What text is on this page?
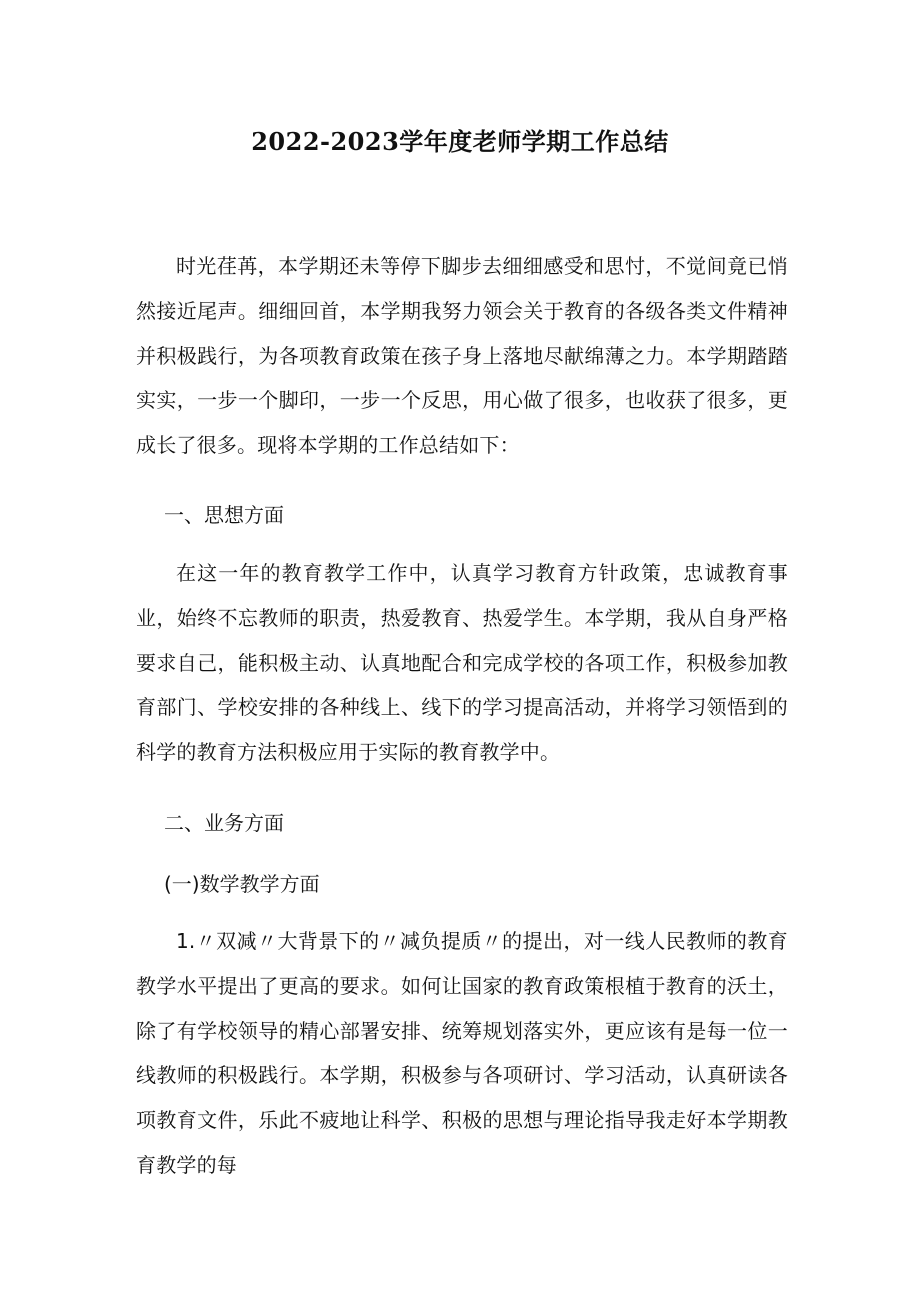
2022-2023学年度老师学期工作总结
时光荏苒，本学期还未等停下脚步去细细感受和思忖，不觉间竟已悄然接近尾声。细细回首，本学期我努力领会关于教育的各级各类文件精神并积极践行，为各项教育政策在孩子身上落地尽献绵薄之力。本学期踏踏实实，一步一个脚印，一步一个反思，用心做了很多，也收获了很多，更成长了很多。现将本学期的工作总结如下：
一、思想方面
在这一年的教育教学工作中，认真学习教育方针政策，忠诚教育事业，始终不忘教师的职责，热爱教育、热爱学生。本学期，我从自身严格要求自己，能积极主动、认真地配合和完成学校的各项工作，积极参加教育部门、学校安排的各种线上、线下的学习提高活动，并将学习领悟到的科学的教育方法积极应用于实际的教育教学中。
二、业务方面
(一)数学教学方面
1.〃双减〃大背景下的〃减负提质〃的提出，对一线人民教师的教育教学水平提出了更高的要求。如何让国家的教育政策根植于教育的沃土，除了有学校领导的精心部署安排、统筹规划落实外，更应该有是每一位一线教师的积极践行。本学期，积极参与各项研讨、学习活动，认真研读各项教育文件，乐此不疲地让科学、积极的思想与理论指导我走好本学期教育教学的每
